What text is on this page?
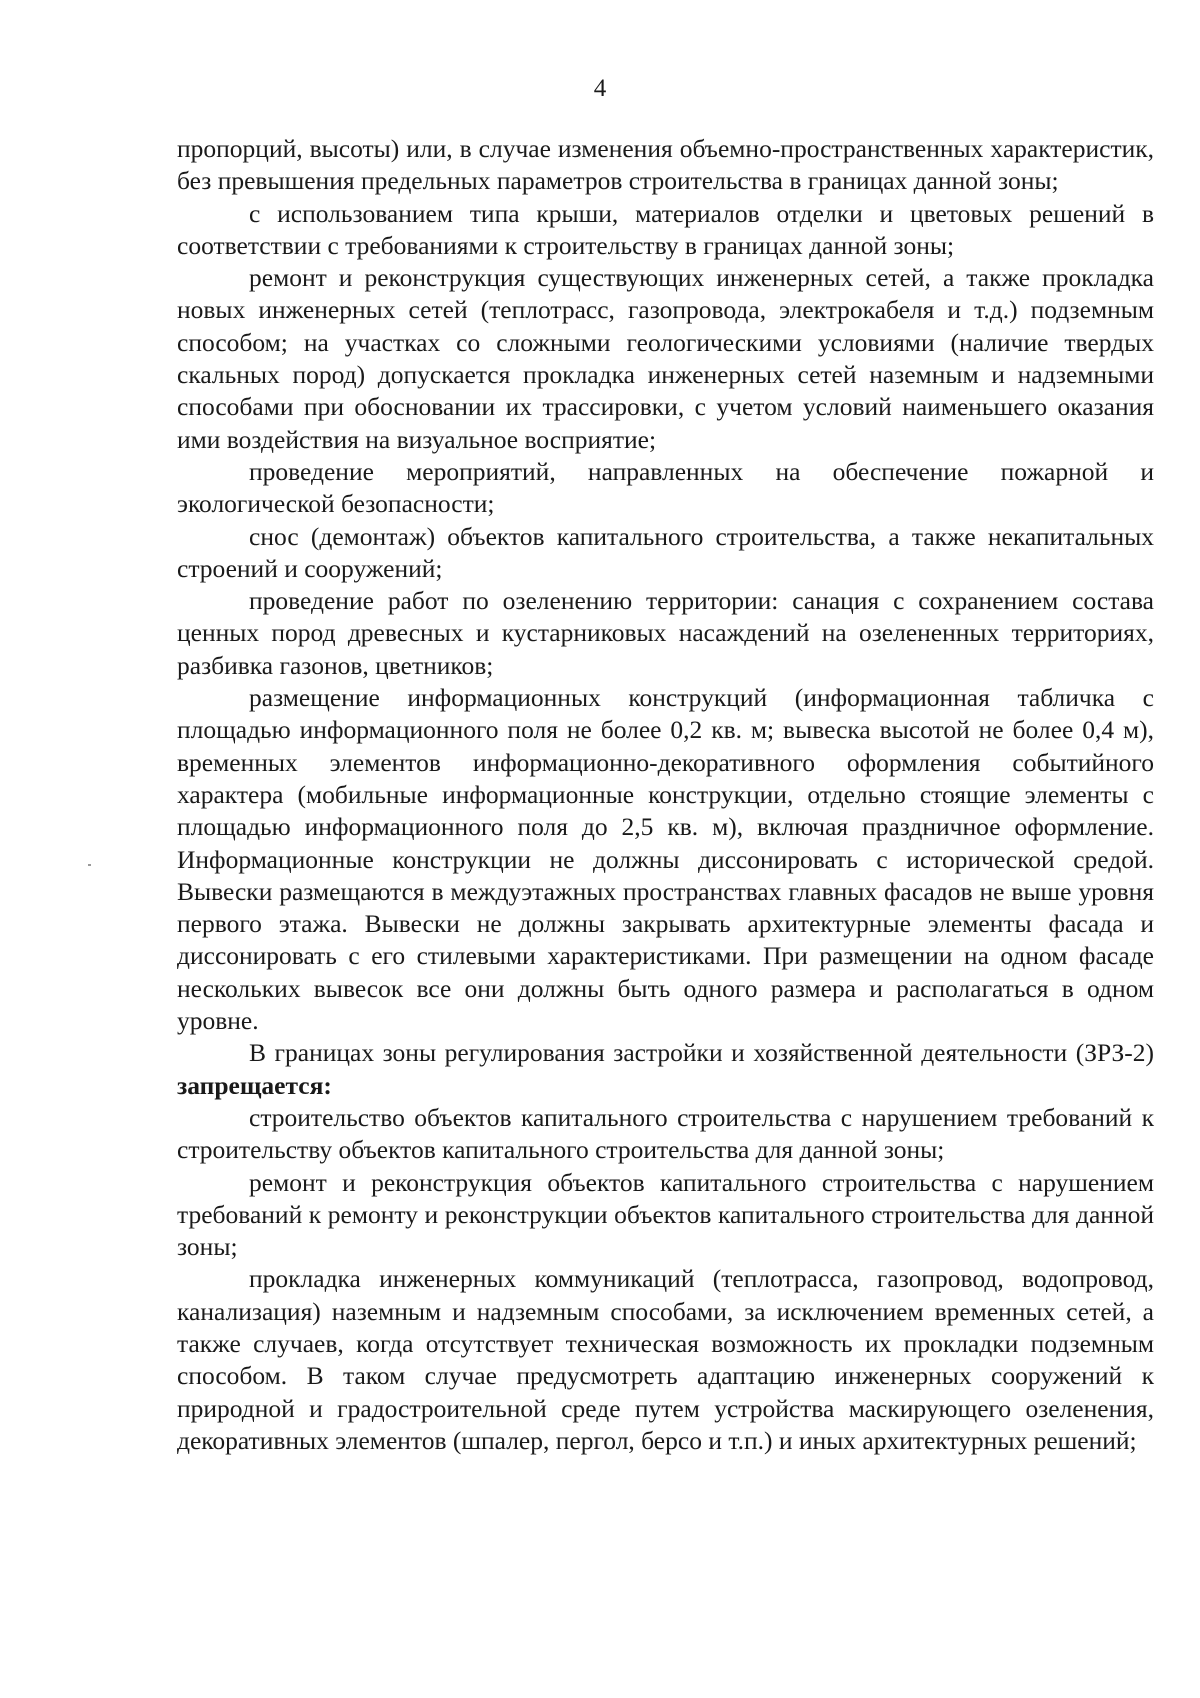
4

пропорций, высоты) или, в случае изменения объемно-пространственных характеристик, без превышения предельных параметров строительства в границах данной зоны;

с использованием типа крыши, материалов отделки и цветовых решений в соответствии с требованиями к строительству в границах данной зоны;

ремонт и реконструкция существующих инженерных сетей, а также прокладка новых инженерных сетей (теплотрасс, газопровода, электрокабеля и т.д.) подземным способом; на участках со сложными геологическими условиями (наличие твердых скальных пород) допускается прокладка инженерных сетей наземным и надземными способами при обосновании их трассировки, с учетом условий наименьшего оказания ими воздействия на визуальное восприятие;

проведение мероприятий, направленных на обеспечение пожарной и экологической безопасности;

снос (демонтаж) объектов капитального строительства, а также некапитальных строений и сооружений;

проведение работ по озеленению территории: санация с сохранением состава ценных пород древесных и кустарниковых насаждений на озелененных территориях, разбивка газонов, цветников;

размещение информационных конструкций (информационная табличка с площадью информационного поля не более 0,2 кв. м; вывеска высотой не более 0,4 м), временных элементов информационно-декоративного оформления событийного характера (мобильные информационные конструкции, отдельно стоящие элементы с площадью информационного поля до 2,5 кв. м), включая праздничное оформление. Информационные конструкции не должны диссонировать с исторической средой. Вывески размещаются в междуэтажных пространствах главных фасадов не выше уровня первого этажа. Вывески не должны закрывать архитектурные элементы фасада и диссонировать с его стилевыми характеристиками. При размещении на одном фасаде нескольких вывесок все они должны быть одного размера и располагаться в одном уровне.

В границах зоны регулирования застройки и хозяйственной деятельности (ЗРЗ-2) запрещается:

строительство объектов капитального строительства с нарушением требований к строительству объектов капитального строительства для данной зоны;

ремонт и реконструкция объектов капитального строительства с нарушением требований к ремонту и реконструкции объектов капитального строительства для данной зоны;

прокладка инженерных коммуникаций (теплотрасса, газопровод, водопровод, канализация) наземным и надземным способами, за исключением временных сетей, а также случаев, когда отсутствует техническая возможность их прокладки подземным способом. В таком случае предусмотреть адаптацию инженерных сооружений к природной и градостроительной среде путем устройства маскирующего озеленения, декоративных элементов (шпалер, пергол, берсо и т.п.) и иных архитектурных решений;
